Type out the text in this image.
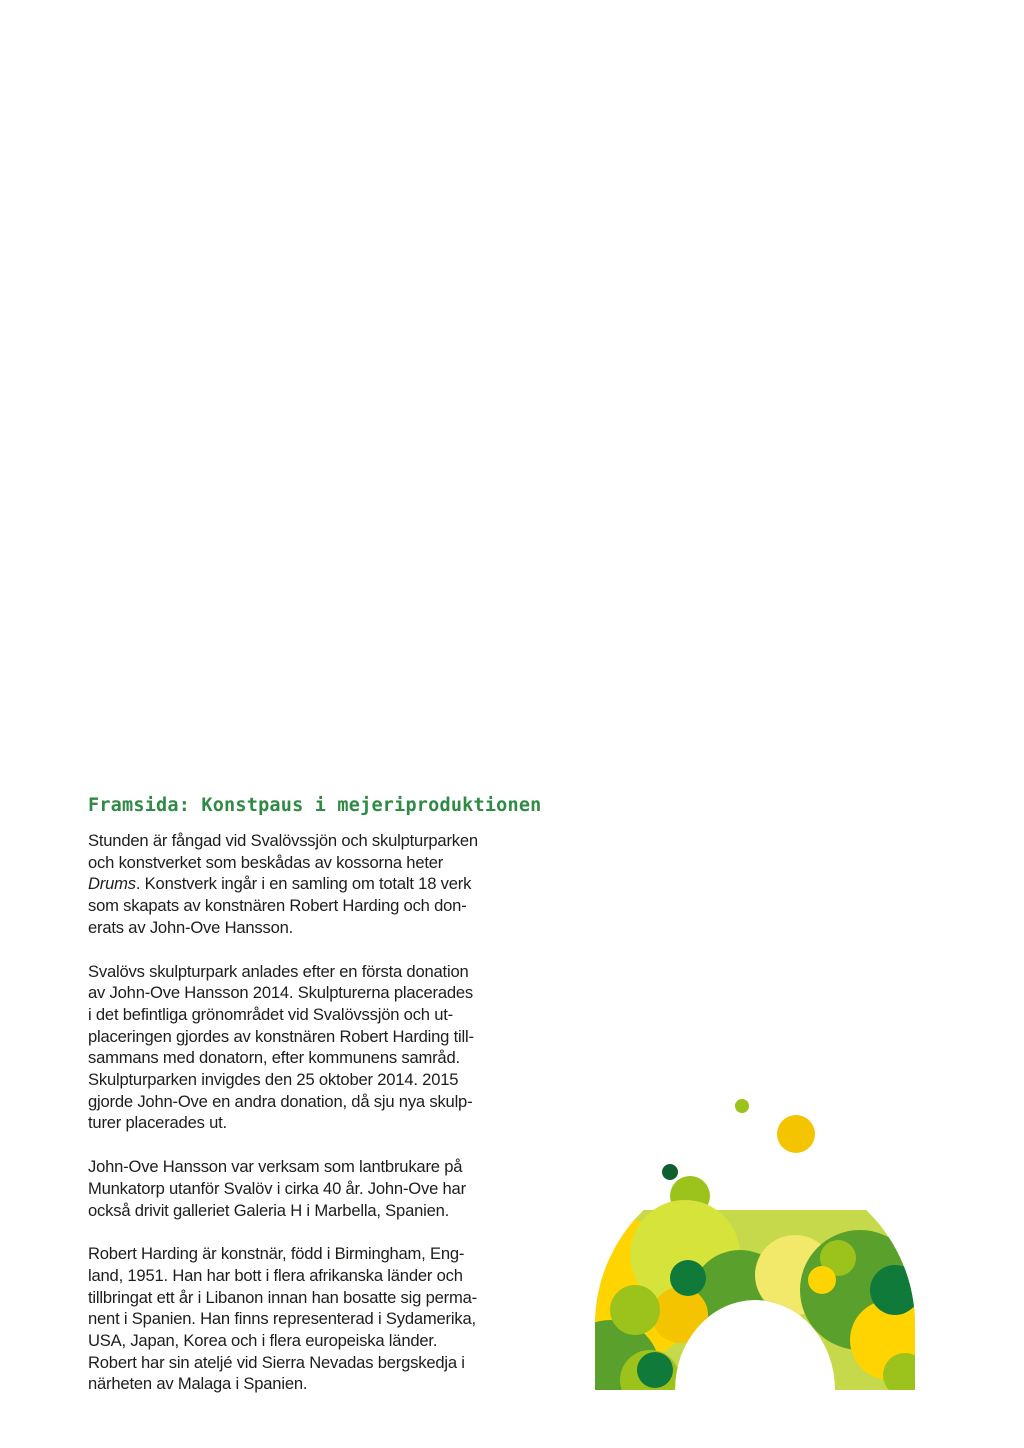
Framsida: Konstpaus i mejeriproduktionen

Stunden är fångad vid Svalövssjön och skulpturparken
och konstverket som beskådas av kossorna heter
Drums. Konstverk ingår i en samling om totalt 18 verk
som skapats av konstnären Robert Harding och don-
erats av John-Ove Hansson.

Svalövs skulpturpark anlades efter en första donation
av John-Ove Hansson 2014. Skulpturerna placerades
i det befintliga grönområdet vid Svalövssjön och ut-
placeringen gjordes av konstnären Robert Harding till-
sammans med donatorn, efter kommunens samråd.
Skulpturparken invigdes den 25 oktober 2014. 2015
gjorde John-Ove en andra donation, då sju nya skulp-
turer placerades ut.

John-Ove Hansson var verksam som lantbrukare på
Munkatorp utanför Svalöv i cirka 40 år. John-Ove har
också drivit galleriet Galeria H i Marbella, Spanien.

Robert Harding är konstnär, född i Birmingham, Eng-
land, 1951. Han har bott i flera afrikanska länder och
tillbringat ett år i Libanon innan han bosatte sig perma-
nent i Spanien. Han finns representerad i Sydamerika,
USA, Japan, Korea och i flera europeiska länder.
Robert har sin ateljé vid Sierra Nevadas bergskedja i
närheten av Malaga i Spanien.
